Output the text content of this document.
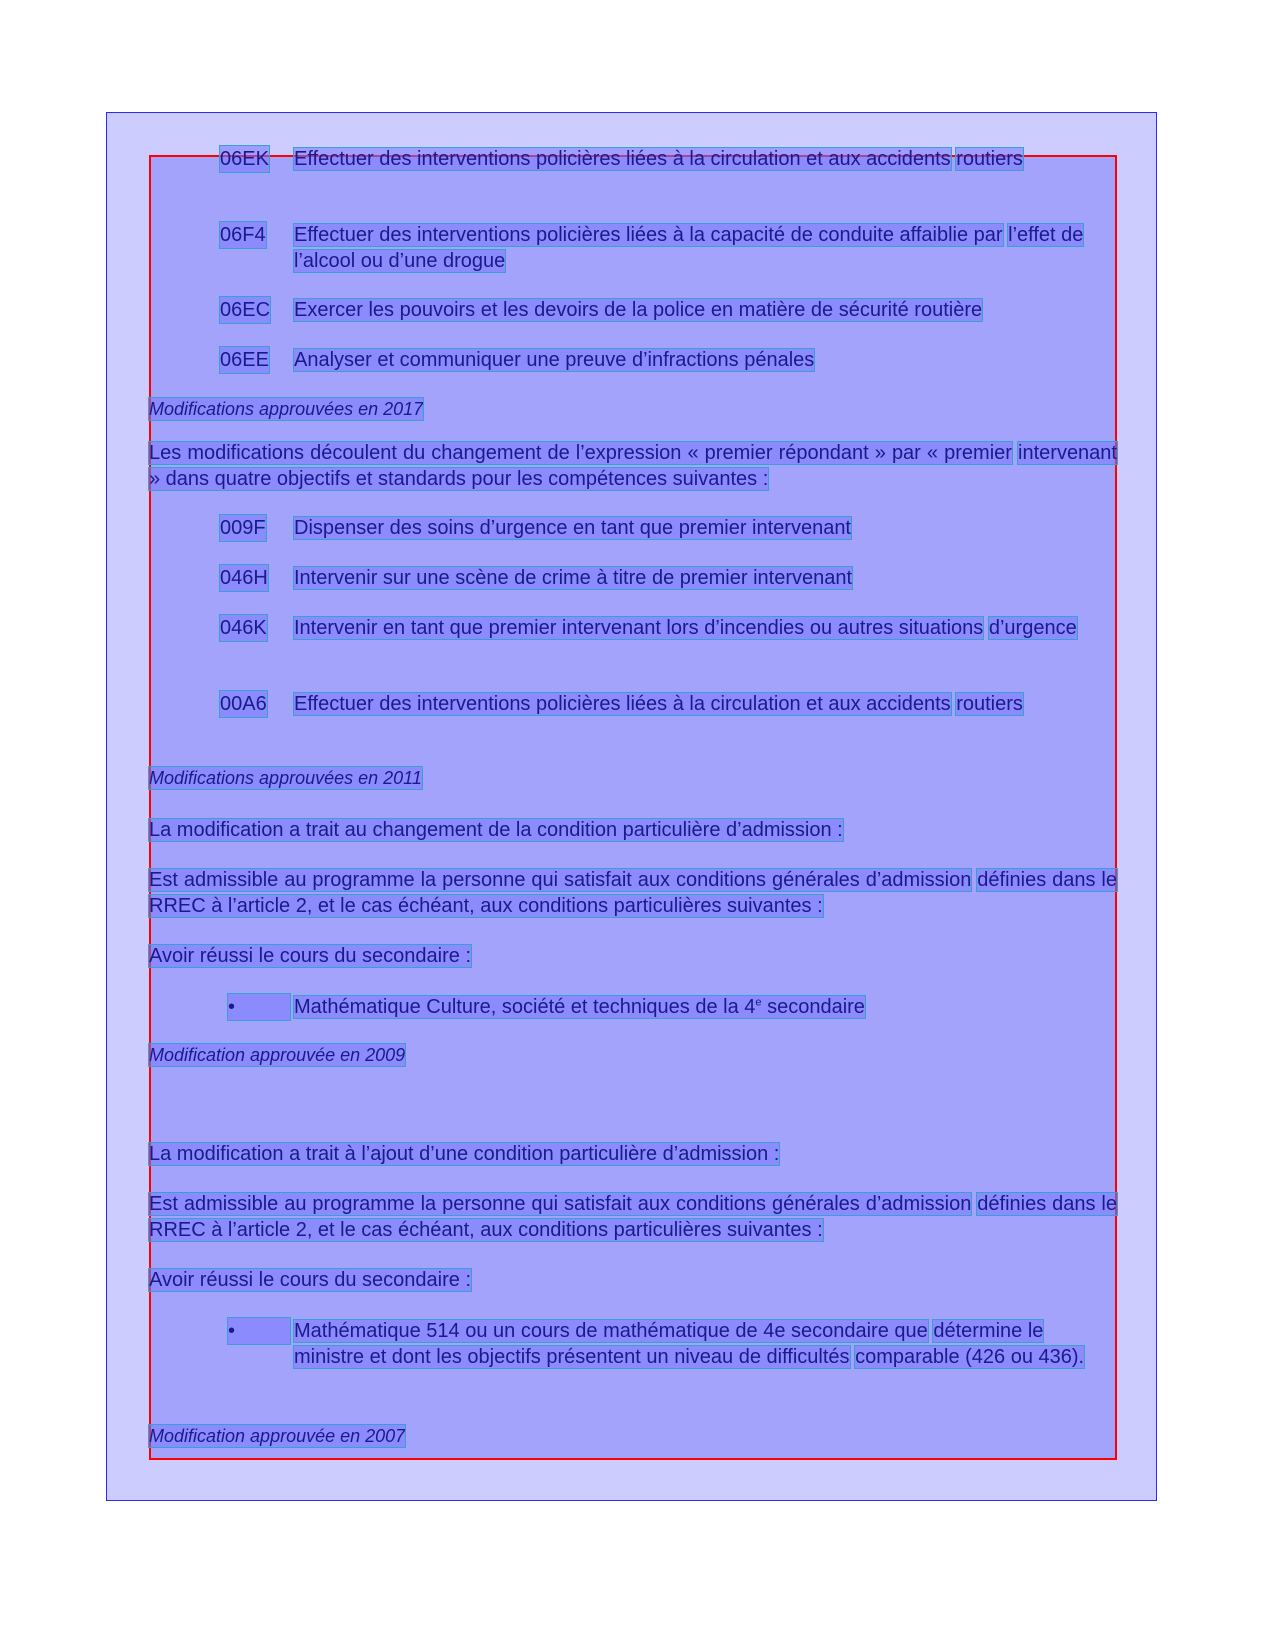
06EK Effectuer des interventions policières liées à la circulation et aux accidents routiers
06F4 Effectuer des interventions policières liées à la capacité de conduite affaiblie par l’effet de l’alcool ou d’une drogue
06EC Exercer les pouvoirs et les devoirs de la police en matière de sécurité routière
06EE Analyser et communiquer une preuve d’infractions pénales
Modifications approuvées en 2017
Les modifications découlent du changement de l’expression « premier répondant » par « premier intervenant » dans quatre objectifs et standards pour les compétences suivantes :
009F Dispenser des soins d’urgence en tant que premier intervenant
046H Intervenir sur une scène de crime à titre de premier intervenant
046K Intervenir en tant que premier intervenant lors d’incendies ou autres situations d’urgence
00A6 Effectuer des interventions policières liées à la circulation et aux accidents routiers
Modifications approuvées en 2011
La modification a trait au changement de la condition particulière d’admission :
Est admissible au programme la personne qui satisfait aux conditions générales d’admission définies dans le RREC à l’article 2, et le cas échéant, aux conditions particulières suivantes :
Avoir réussi le cours du secondaire :
•	Mathématique Culture, société et techniques de la 4e secondaire
Modification approuvée en 2009
La modification a trait à l’ajout d’une condition particulière d’admission :
Est admissible au programme la personne qui satisfait aux conditions générales d’admission définies dans le RREC à l’article 2, et le cas échéant, aux conditions particulières suivantes :
Avoir réussi le cours du secondaire :
•	Mathématique 514 ou un cours de mathématique de 4e secondaire que détermine le ministre et dont les objectifs présentent un niveau de difficultés comparable (426 ou 436).
Modification approuvée en 2007
